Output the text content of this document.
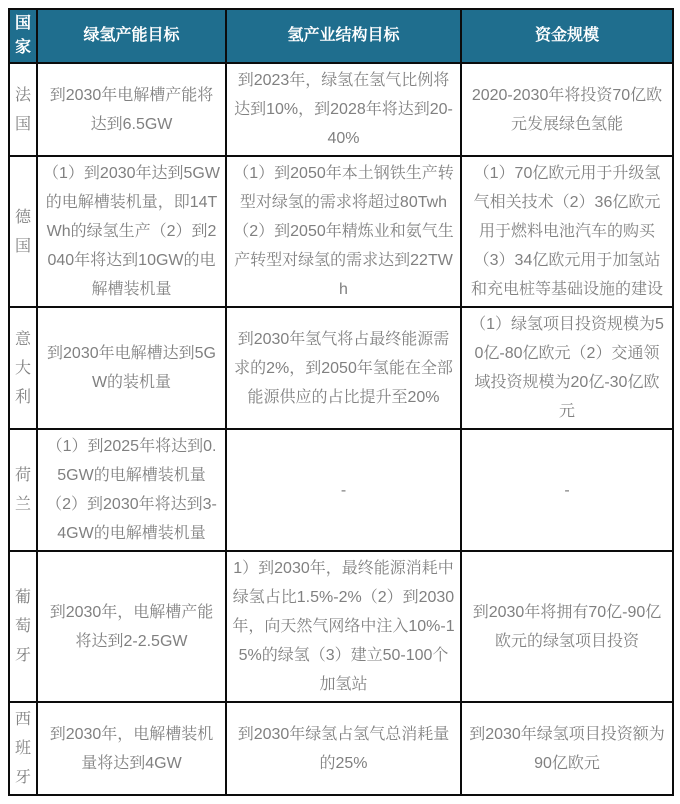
国家	绿氢产能目标	氢产业结构目标	资金规模
法国	到2030年电解槽产能将达到6.5GW	到2023年，绿氢在氢气比例将达到10%，到2028年将达到20-40%	2020-2030年将投资70亿欧元发展绿色氢能
德国	（1）到2030年达到5GW的电解槽装机量，即14TWh的绿氢生产（2）到2040年将达到10GW的电解槽装机量	（1）到2050年本土钢铁生产转型对绿氢的需求将超过80Twh（2）到2050年精炼业和氨气生产转型对绿氢的需求达到22TWh	（1）70亿欧元用于升级氢气相关技术（2）36亿欧元用于燃料电池汽车的购买（3）34亿欧元用于加氢站和充电桩等基础设施的建设
意大利	到2030年电解槽达到5GW的装机量	到2030年氢气将占最终能源需求的2%，到2050年氢能在全部能源供应的占比提升至20%	（1）绿氢项目投资规模为50亿-80亿欧元（2）交通领域投资规模为20亿-30亿欧元
荷兰	（1）到2025年将达到0.5GW的电解槽装机量（2）到2030年将达到3-4GW的电解槽装机量	-	-
葡萄牙	到2030年，电解槽产能将达到2-2.5GW	1）到2030年，最终能源消耗中绿氢占比1.5%-2%（2）到2030年，向天然气网络中注入10%-15%的绿氢（3）建立50-100个加氢站	到2030年将拥有70亿-90亿欧元的绿氢项目投资
西班牙	到2030年，电解槽装机量将达到4GW	到2030年绿氢占氢气总消耗量的25%	到2030年绿氢项目投资额为90亿欧元
